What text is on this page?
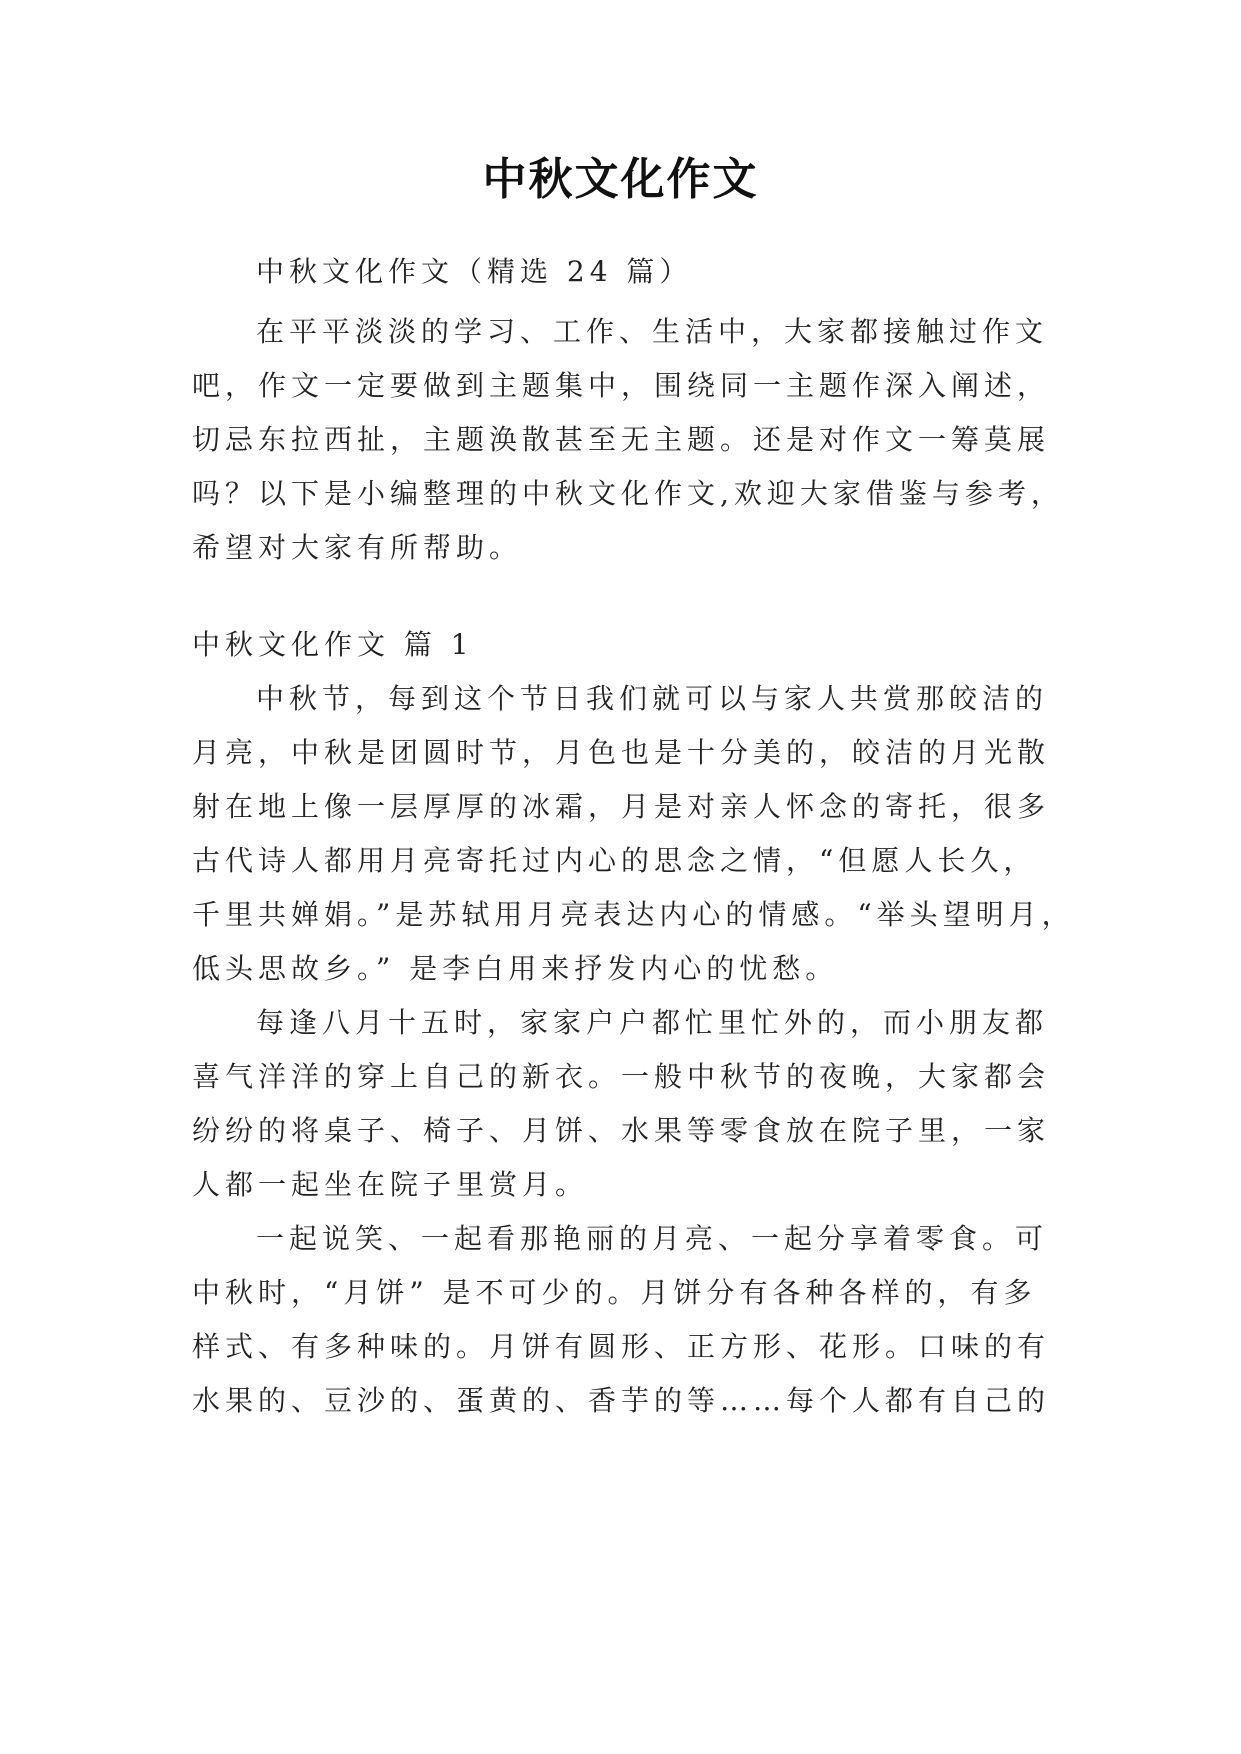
中秋文化作文
中秋文化作文（精选 24 篇）
在平平淡淡的学习、工作、生活中，大家都接触过作文
吧，作文一定要做到主题集中，围绕同一主题作深入阐述，
切忌东拉西扯，主题涣散甚至无主题。还是对作文一筹莫展
吗？以下是小编整理的中秋文化作文,欢迎大家借鉴与参考，
希望对大家有所帮助。
中秋文化作文 篇 1
中秋节，每到这个节日我们就可以与家人共赏那皎洁的
月亮，中秋是团圆时节，月色也是十分美的，皎洁的月光散
射在地上像一层厚厚的冰霜，月是对亲人怀念的寄托，很多
古代诗人都用月亮寄托过内心的思念之情，“但愿人长久，
千里共婵娟。”是苏轼用月亮表达内心的情感。“举头望明月，
低头思故乡。” 是李白用来抒发内心的忧愁。
每逢八月十五时，家家户户都忙里忙外的，而小朋友都
喜气洋洋的穿上自己的新衣。一般中秋节的夜晚，大家都会
纷纷的将桌子、椅子、月饼、水果等零食放在院子里，一家
人都一起坐在院子里赏月。
一起说笑、一起看那艳丽的月亮、一起分享着零食。可
中秋时，“月饼” 是不可少的。月饼分有各种各样的，有多
样式、有多种味的。月饼有圆形、正方形、花形。口味的有
水果的、豆沙的、蛋黄的、香芋的等……每个人都有自己的
